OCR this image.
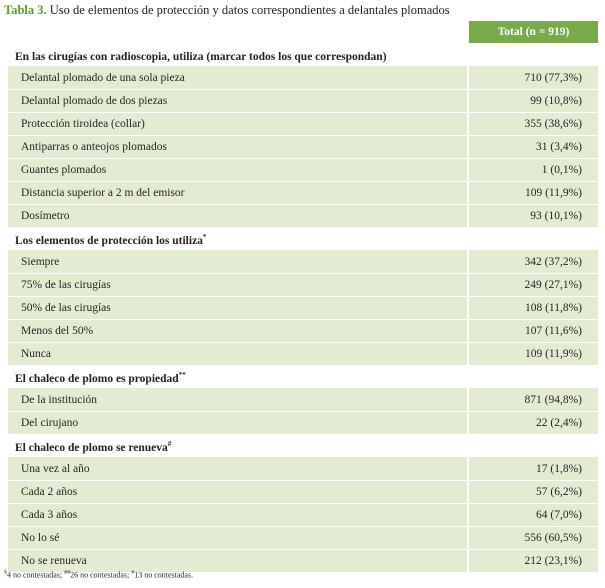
Tabla 3. Uso de elementos de protección y datos correspondientes a delantales plomados
	Total (n = 919)
En las cirugías con radioscopia, utiliza (marcar todos los que correspondan)	
Delantal plomado de una sola pieza	710 (77,3%)
Delantal plomado de dos piezas	99 (10,8%)
Protección tiroidea (collar)	355 (38,6%)
Antiparras o anteojos plomados	31 (3,4%)
Guantes plomados	1 (0,1%)
Distancia superior a 2 m del emisor	109 (11,9%)
Dosímetro	93 (10,1%)
Los elementos de protección los utiliza*	
Siempre	342 (37,2%)
75% de las cirugías	249 (27,1%)
50% de las cirugías	108 (11,8%)
Menos del 50%	107 (11,6%)
Nunca	109 (11,9%)
El chaleco de plomo es propiedad**	
De la institución	871 (94,8%)
Del cirujano	22 (2,4%)
El chaleco de plomo se renueva#	
Una vez al año	17 (1,8%)
Cada 2 años	57 (6,2%)
Cada 3 años	64 (7,0%)
No lo sé	556 (60,5%)
No se renueva	212 (23,1%)
§4 no contestadas; ##26 no contestadas; #13 no contestadas.
